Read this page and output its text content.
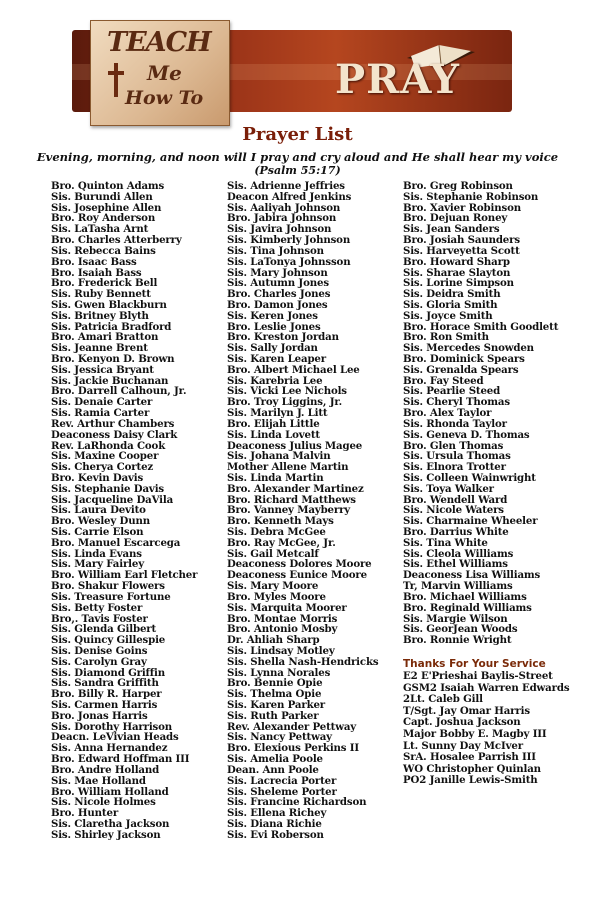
TEACH
Me
How To	PRAY
Prayer List
Evening, morning, and noon will I pray and cry aloud and He shall hear my voice
(Psalm 55:17)
Bro. Quinton Adams
Sis. Burundi Allen
Sis. Josephine Allen
Bro. Roy Anderson
Sis. LaTasha Arnt
Bro. Charles Atterberry
Sis. Rebecca Bains
Bro. Isaac Bass
Bro. Isaiah Bass
Bro. Frederick Bell
Sis. Ruby Bennett
Sis. Gwen Blackburn
Sis. Britney Blyth
Sis. Patricia Bradford
Bro. Amari Bratton
Sis. Jeanne Brent
Bro. Kenyon D. Brown
Sis. Jessica Bryant
Sis. Jackie Buchanan
Bro. Darrell Calhoun, Jr.
Sis. Denaie Carter
Sis. Ramia Carter
Rev. Arthur Chambers
Deaconess Daisy Clark
Rev. LaRhonda Cook
Sis. Maxine Cooper
Sis. Cherya Cortez
Bro. Kevin Davis
Sis. Stephanie Davis
Sis. Jacqueline DaVila
Sis. Laura Devito
Bro. Wesley Dunn
Sis. Carrie Elson
Bro. Manuel Escarcega
Sis. Linda Evans
Sis. Mary Fairley
Bro. William Earl Fletcher
Bro. Shakur Flowers
Sis. Treasure Fortune
Sis. Betty Foster
Bro,. Tavis Foster
Sis. Glenda Gilbert
Sis. Quincy Gillespie
Sis. Denise Goins
Sis. Carolyn Gray
Sis. Diamond Griffin
Sis. Sandra Griffith
Bro. Billy R. Harper
Sis. Carmen Harris
Bro. Jonas Harris
Sis. Dorothy Harrison
Deacn. LeVivian Heads
Sis. Anna Hernandez
Bro. Edward Hoffman III
Bro. Andre Holland
Sis. Mae Holland
Bro. William Holland
Sis. Nicole Holmes
Bro. Hunter
Sis. Claretha Jackson
Sis. Shirley Jackson
Sis. Adrienne Jeffries
Deacon Alfred Jenkins
Sis. Aaliyah Johnson
Bro. Jabira Johnson
Sis. Javira Johnson
Sis. Kimberly Johnson
Sis. Tina Johnson
Sis. LaTonya Johnsson
Sis. Mary Johnson
Sis. Autumn Jones
Bro. Charles Jones
Bro. Damon Jones
Sis. Keren Jones
Bro. Leslie Jones
Bro. Kreston Jordan
Sis. Sally Jordan
Sis. Karen Leaper
Bro. Albert Michael Lee
Sis. Karebria Lee
Sis. Vicki Lee Nichols
Bro. Troy Liggins, Jr.
Sis. Marilyn J. Litt
Bro. Elijah Little
Sis. Linda Lovett
Deaconess Julius Magee
Sis. Johana Malvin
Mother Allene Martin
Sis. Linda Martin
Bro. Alexander Martinez
Bro. Richard Matthews
Bro. Vanney Mayberry
Bro. Kenneth Mays
Sis. Debra McGee
Bro. Ray McGee, Jr.
Sis. Gail Metcalf
Deaconess Dolores Moore
Deaconess Eunice Moore
Sis. Mary Moore
Bro. Myles Moore
Sis. Marquita Moorer
Bro. Montae Morris
Bro. Antonio Mosby
Dr. Ahliah Sharp
Sis. Lindsay Motley
Sis. Shella Nash-Hendricks
Sis. Lynna Norales
Bro. Bennie Opie
Sis. Thelma Opie
Sis. Karen Parker
Sis. Ruth Parker
Rev. Alexander Pettway
Sis. Nancy Pettway
Bro. Elexious Perkins II
Sis. Amelia Poole
Dean. Ann Poole
Sis. Lacrecia Porter
Sis. Sheleme Porter
Sis. Francine Richardson
Sis. Ellena Richey
Sis. Diana Richie
Sis. Evi Roberson
Bro. Greg Robinson
Sis. Stephanie Robinson
Bro. Xavier Robinson
Bro. Dejuan Roney
Sis. Jean Sanders
Bro. Josiah Saunders
Sis. Harveyetta Scott
Bro. Howard Sharp
Sis. Sharae Slayton
Sis. Lorine Simpson
Sis. Deidra Smith
Sis. Gloria Smith
Sis. Joyce Smith
Bro. Horace Smith Goodlett
Bro. Ron Smith
Sis. Mercedes Snowden
Bro. Dominick Spears
Sis. Grenalda Spears
Bro. Fay Steed
Sis. Pearlie Steed
Sis. Cheryl Thomas
Bro. Alex Taylor
Sis. Rhonda Taylor
Sis. Geneva D. Thomas
Bro. Glen Thomas
Sis. Ursula Thomas
Sis. Elnora Trotter
Sis. Colleen Wainwright
Sis. Toya Walker
Bro. Wendell Ward
Sis. Nicole Waters
Sis. Charmaine Wheeler
Bro. Darrius White
Sis. Tina White
Sis. Cleola Williams
Sis. Ethel Williams
Deaconess Lisa Williams
Tr, Marvin Williams
Bro. Michael Williams
Bro. Reginald Williams
Sis. Margie Wilson
Sis. GeorJean Woods
Bro. Ronnie Wright
Thanks For Your Service
E2 E'Prieshai Baylis-Street
GSM2 Isaiah Warren Edwards
2Lt. Caleb Gill
T/Sgt. Jay Omar Harris
Capt. Joshua Jackson
Major Bobby E. Magby III
Lt. Sunny Day McIver
SrA. Hosalee Parrish III
WO Christopher Quinlan
PO2 Janille Lewis-Smith
